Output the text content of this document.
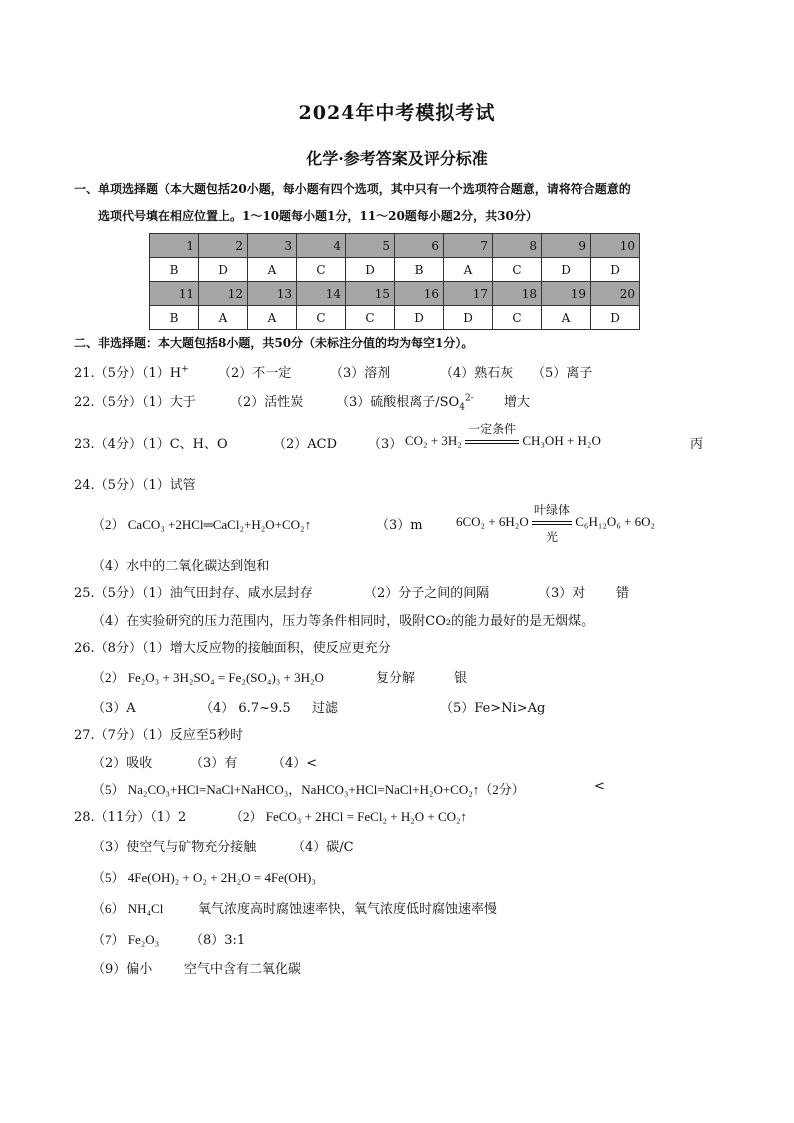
2024年中考模拟考试
化学·参考答案及评分标准
一、单项选择题（本大题包括20小题，每小题有四个选项，其中只有一个选项符合题意，请将符合题意的
选项代号填在相应位置上。1～10题每小题1分，11～20题每小题2分，共30分）
1	2	3	4	5	6	7	8	9	10
B	D	A	C	D	B	A	C	D	D
11	12	13	14	15	16	17	18	19	20
B	A	A	C	C	D	D	C	A	D
二、非选择题：本大题包括8小题，共50分（未标注分值的均为每空1分）。
21.（5分）（1）H+ （2）不一定	（3）溶剂	（4）熟石灰 （5）离子
22.（5分）（1）大于	（2）活性炭	（3）硫酸根离子$/SO_4^{2-}$ 增大
23.（4分）（1）C、H、O	（2）ACD （3） CO₂ + 3H₂
一定条件
CH₃OH + H₂O	丙
24.（5分）（1）试管
（2） CaCO₃ +2HCl═CaCl₂+H₂O+CO₂↑	（3）m	6CO₂ + 6H₂O
叶绿体
光
C₆H₁₂O₆ + 6O₂
（4）水中的二氧化碳达到饱和
25.（5分）（1）油气田封存、咸水层封存	（2）分子之间的间隔	（3）对 错
（4）在实验研究的压力范围内，压力等条件相同时，吸附CO₂的能力最好的是无烟煤。
26.（8分）（1）增大反应物的接触面积，使反应更充分
（2） Fe₂O₃ + 3H₂SO₄ = Fe₂(SO₄)₃ + 3H₂O	复分解	银
（3）A	（4） 6.7~9.5 过滤	（5）Fe>Ni>Ag
27.（7分）（1）反应至5秒时
（2）吸收	（3）有	（4）<
（5） Na₂CO₃+HCl=NaCl+NaHCO₃，NaHCO₃+HCl=NaCl+H₂O+CO₂↑（2分）	<
28.（11分）（1）2	（2） FeCO₃ + 2HCl = FeCl₂ + H₂O + CO₂↑
（3）使空气与矿物充分接触	（4）碳/C
（5） 4Fe(OH)₂ + O₂ + 2H₂O = 4Fe(OH)₃
（6） NH₄Cl	氧气浓度高时腐蚀速率快，氧气浓度低时腐蚀速率慢
（7） Fe₂O₃ （8）3:1
（9）偏小 空气中含有二氧化碳
